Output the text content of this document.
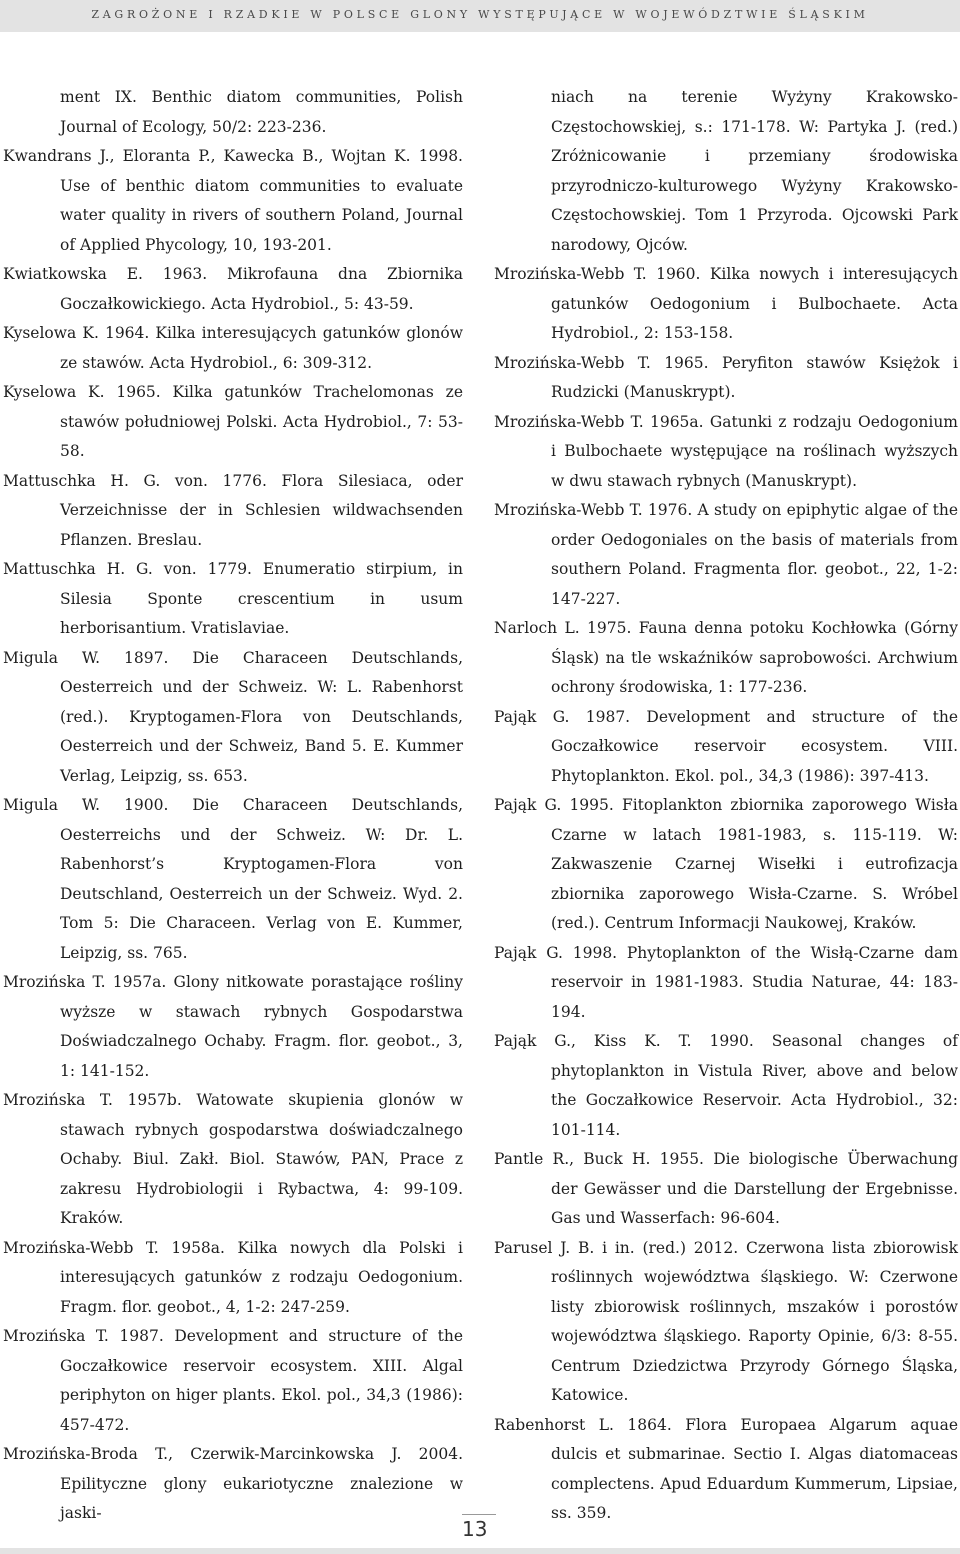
ZAGROŻONE I RZADKIE W POLSCE GLONY WYSTĘPUJĄCE W WOJEWÓDZTWIE ŚLĄSKIM

ment IX. Benthic diatom communities, Polish Journal of Ecology, 50/2: 223-236.

Kwandrans J., Eloranta P., Kawecka B., Wojtan K. 1998. Use of benthic diatom communities to evaluate water quality in rivers of southern Poland, Journal of Applied Phycology, 10, 193-201.

Kwiatkowska E. 1963. Mikrofauna dna Zbiornika Goczałkowickiego. Acta Hydrobiol., 5: 43-59.

Kyselowa K. 1964. Kilka interesujących gatunków glonów ze stawów. Acta Hydrobiol., 6: 309-312.

Kyselowa K. 1965. Kilka gatunków Trachelomonas ze stawów południowej Polski. Acta Hydrobiol., 7: 53-58.

Mattuschka H. G. von. 1776. Flora Silesiaca, oder Verzeichnisse der in Schlesien wildwachsenden Pflanzen. Breslau.

Mattuschka H. G. von. 1779. Enumeratio stirpium, in Silesia Sponte crescentium in usum herborisantium. Vratislaviae.

Migula W. 1897. Die Characeen Deutschlands, Oesterreich und der Schweiz. W: L. Rabenhorst (red.). Kryptogamen-Flora von Deutschlands, Oesterreich und der Schweiz, Band 5. E. Kummer Verlag, Leipzig, ss. 653.

Migula W. 1900. Die Characeen Deutschlands, Oesterreichs und der Schweiz. W: Dr. L. Rabenhorst’s Kryptogamen-Flora von Deutschland, Oesterreich un der Schweiz. Wyd. 2. Tom 5: Die Characeen. Verlag von E. Kummer, Leipzig, ss. 765.

Mrozińska T. 1957a. Glony nitkowate porastające rośliny wyższe w stawach rybnych Gospodarstwa Doświadczalnego Ochaby. Fragm. flor. geobot., 3, 1: 141-152.

Mrozińska T. 1957b. Watowate skupienia glonów w stawach rybnych gospodarstwa doświadczalnego Ochaby. Biul. Zakł. Biol. Stawów, PAN, Prace z zakresu Hydrobiologii i Rybactwa, 4: 99-109. Kraków.

Mrozińska-Webb T. 1958a. Kilka nowych dla Polski i interesujących gatunków z rodzaju Oedogonium. Fragm. flor. geobot., 4, 1-2: 247-259.

Mrozińska T. 1987. Development and structure of the Goczałkowice reservoir ecosystem. XIII. Algal periphyton on higer plants. Ekol. pol., 34,3 (1986): 457-472.

Mrozińska-Broda T., Czerwik-Marcinkowska J. 2004. Epilityczne glony eukariotyczne znalezione w jaski-

niach na terenie Wyżyny Krakowsko-Częstochowskiej, s.: 171-178. W: Partyka J. (red.) Zróżnicowanie i przemiany środowiska przyrodniczo-kulturowego Wyżyny Krakowsko-Częstochowskiej. Tom 1 Przyroda. Ojcowski Park narodowy, Ojców.

Mrozińska-Webb T. 1960. Kilka nowych i interesujących gatunków Oedogonium i Bulbochaete. Acta Hydrobiol., 2: 153-158.

Mrozińska-Webb T. 1965. Peryfiton stawów Księżok i Rudzicki (Manuskrypt).

Mrozińska-Webb T. 1965a. Gatunki z rodzaju Oedogonium i Bulbochaete występujące na roślinach wyższych w dwu stawach rybnych (Manuskrypt).

Mrozińska-Webb T. 1976. A study on epiphytic algae of the order Oedogoniales on the basis of materials from southern Poland. Fragmenta flor. geobot., 22, 1-2: 147-227.

Narloch L. 1975. Fauna denna potoku Kochłowka (Górny Śląsk) na tle wskaźników saprobowości. Archwium ochrony środowiska, 1: 177-236.

Pająk G. 1987. Development and structure of the Goczałkowice reservoir ecosystem. VIII. Phytoplankton. Ekol. pol., 34,3 (1986): 397-413.

Pająk G. 1995. Fitoplankton zbiornika zaporowego Wisła Czarne w latach 1981-1983, s. 115-119. W: Zakwaszenie Czarnej Wisełki i eutrofizacja zbiornika zaporowego Wisła-Czarne. S. Wróbel (red.). Centrum Informacji Naukowej, Kraków.

Pająk G. 1998. Phytoplankton of the Wisłą-Czarne dam reservoir in 1981-1983. Studia Naturae, 44: 183-194.

Pająk G., Kiss K. T. 1990. Seasonal changes of phytoplankton in Vistula River, above and below the Goczałkowice Reservoir. Acta Hydrobiol., 32: 101-114.

Pantle R., Buck H. 1955. Die biologische Überwachung der Gewässer und die Darstellung der Ergebnisse. Gas und Wasserfach: 96-604.

Parusel J. B. i in. (red.) 2012. Czerwona lista zbiorowisk roślinnych województwa śląskiego. W: Czerwone listy zbiorowisk roślinnych, mszaków i porostów województwa śląskiego. Raporty Opinie, 6/3: 8-55. Centrum Dziedzictwa Przyrody Górnego Śląska, Katowice.

Rabenhorst L. 1864. Flora Europaea Algarum aquae dulcis et submarinae. Sectio I. Algas diatomaceas complectens. Apud Eduardum Kummerum, Lipsiae, ss. 359.

13
